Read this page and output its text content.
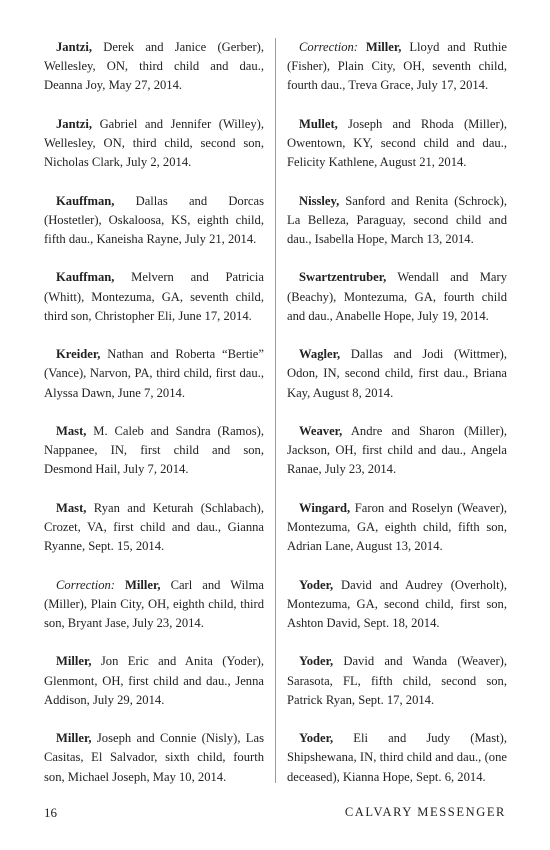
Jantzi, Derek and Janice (Gerber), Wellesley, ON, third child and dau., Deanna Joy, May 27, 2014.

Jantzi, Gabriel and Jennifer (Willey), Wellesley, ON, third child, second son, Nicholas Clark, July 2, 2014.

Kauffman, Dallas and Dorcas (Hostetler), Oskaloosa, KS, eighth child, fifth dau., Kaneisha Rayne, July 21, 2014.

Kauffman, Melvern and Patricia (Whitt), Montezuma, GA, seventh child, third son, Christopher Eli, June 17, 2014.

Kreider, Nathan and Roberta “Bertie” (Vance), Narvon, PA, third child, first dau., Alyssa Dawn, June 7, 2014.

Mast, M. Caleb and Sandra (Ramos), Nappanee, IN, first child and son, Desmond Hail, July 7, 2014.

Mast, Ryan and Keturah (Schlabach), Crozet, VA, first child and dau., Gianna Ryanne, Sept. 15, 2014.

Correction: Miller, Carl and Wilma (Miller), Plain City, OH, eighth child, third son, Bryant Jase, July 23, 2014.

Miller, Jon Eric and Anita (Yoder), Glenmont, OH, first child and dau., Jenna Addison, July 29, 2014.

Miller, Joseph and Connie (Nisly), Las Casitas, El Salvador, sixth child, fourth son, Michael Joseph, May 10, 2014.

Correction: Miller, Lloyd and Ruthie (Fisher), Plain City, OH, seventh child, fourth dau., Treva Grace, July 17, 2014.

Mullet, Joseph and Rhoda (Miller), Owentown, KY, second child and dau., Felicity Kathlene, August 21, 2014.

Nissley, Sanford and Renita (Schrock), La Belleza, Paraguay, second child and dau., Isabella Hope, March 13, 2014.

Swartzentruber, Wendall and Mary (Beachy), Montezuma, GA, fourth child and dau., Anabelle Hope, July 19, 2014.

Wagler, Dallas and Jodi (Wittmer), Odon, IN, second child, first dau., Briana Kay, August 8, 2014.

Weaver, Andre and Sharon (Miller), Jackson, OH, first child and dau., Angela Ranae, July 23, 2014.

Wingard, Faron and Roselyn (Weaver), Montezuma, GA, eighth child, fifth son, Adrian Lane, August 13, 2014.

Yoder, David and Audrey (Overholt), Montezuma, GA, second child, first son, Ashton David, Sept. 18, 2014.

Yoder, David and Wanda (Weaver), Sarasota, FL, fifth child, second son, Patrick Ryan, Sept. 17, 2014.

Yoder, Eli and Judy (Mast), Shipshewana, IN, third child and dau., (one deceased), Kianna Hope, Sept. 6, 2014.

16	CALVARY MESSENGER
